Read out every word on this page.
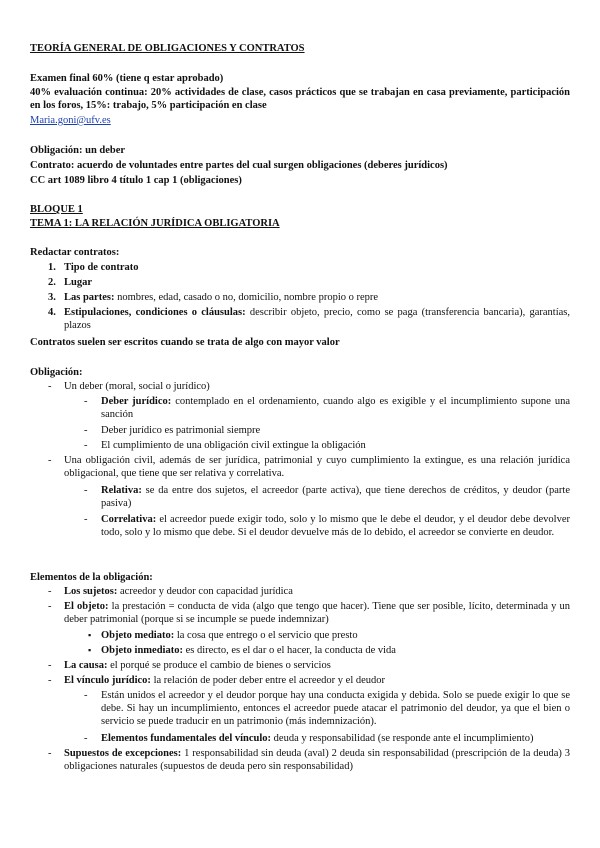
TEORÍA GENERAL DE OBLIGACIONES Y CONTRATOS
Examen final 60% (tiene q estar aprobado)
40% evaluación continua: 20% actividades de clase, casos prácticos que se trabajan en casa previamente, participación en los foros, 15%: trabajo, 5% participación en clase
Maria.goni@ufv.es
Obligación: un deber
Contrato: acuerdo de voluntades entre partes del cual surgen obligaciones (deberes jurídicos)
CC art 1089 libro 4 título 1 cap 1 (obligaciones)
BLOQUE 1
TEMA 1: LA RELACIÓN JURÍDICA OBLIGATORIA
Redactar contratos:
1. Tipo de contrato
2. Lugar
3. Las partes: nombres, edad, casado o no, domicilio, nombre propio o repre
4. Estipulaciones, condiciones o cláusulas: describir objeto, precio, como se paga (transferencia bancaria), garantías, plazos
Contratos suelen ser escritos cuando se trata de algo con mayor valor
Obligación:
- Un deber (moral, social o jurídico)
- Deber jurídico: contemplado en el ordenamiento, cuando algo es exigible y el incumplimiento supone una sanción
- Deber jurídico es patrimonial siempre
- El cumplimiento de una obligación civil extingue la obligación
- Una obligación civil, además de ser jurídica, patrimonial y cuyo cumplimiento la extingue, es una relación jurídica obligacional, que tiene que ser relativa y correlativa.
- Relativa: se da entre dos sujetos, el acreedor (parte activa), que tiene derechos de créditos, y deudor (parte pasiva)
- Correlativa: el acreedor puede exigir todo, solo y lo mismo que le debe el deudor, y el deudor debe devolver todo, solo y lo mismo que debe. Si el deudor devuelve más de lo debido, el acreedor se convierte en deudor.
Elementos de la obligación:
- Los sujetos: acreedor y deudor con capacidad jurídica
- El objeto: la prestación = conducta de vida (algo que tengo que hacer). Tiene que ser posible, lícito, determinada y un deber patrimonial (porque si se incumple se puede indemnizar)
▪ Objeto mediato: la cosa que entrego o el servicio que presto
▪ Objeto inmediato: es directo, es el dar o el hacer, la conducta de vida
- La causa: el porqué se produce el cambio de bienes o servicios
- El vínculo jurídico: la relación de poder deber entre el acreedor y el deudor
- Están unidos el acreedor y el deudor porque hay una conducta exigida y debida. Solo se puede exigir lo que se debe. Si hay un incumplimiento, entonces el acreedor puede atacar el patrimonio del deudor, ya que el bien o servicio se puede traducir en un patrimonio (más indemnización).
- Elementos fundamentales del vínculo: deuda y responsabilidad (se responde ante el incumplimiento)
- Supuestos de excepciones: 1 responsabilidad sin deuda (aval) 2 deuda sin responsabilidad (prescripción de la deuda) 3 obligaciones naturales (supuestos de deuda pero sin responsabilidad)
